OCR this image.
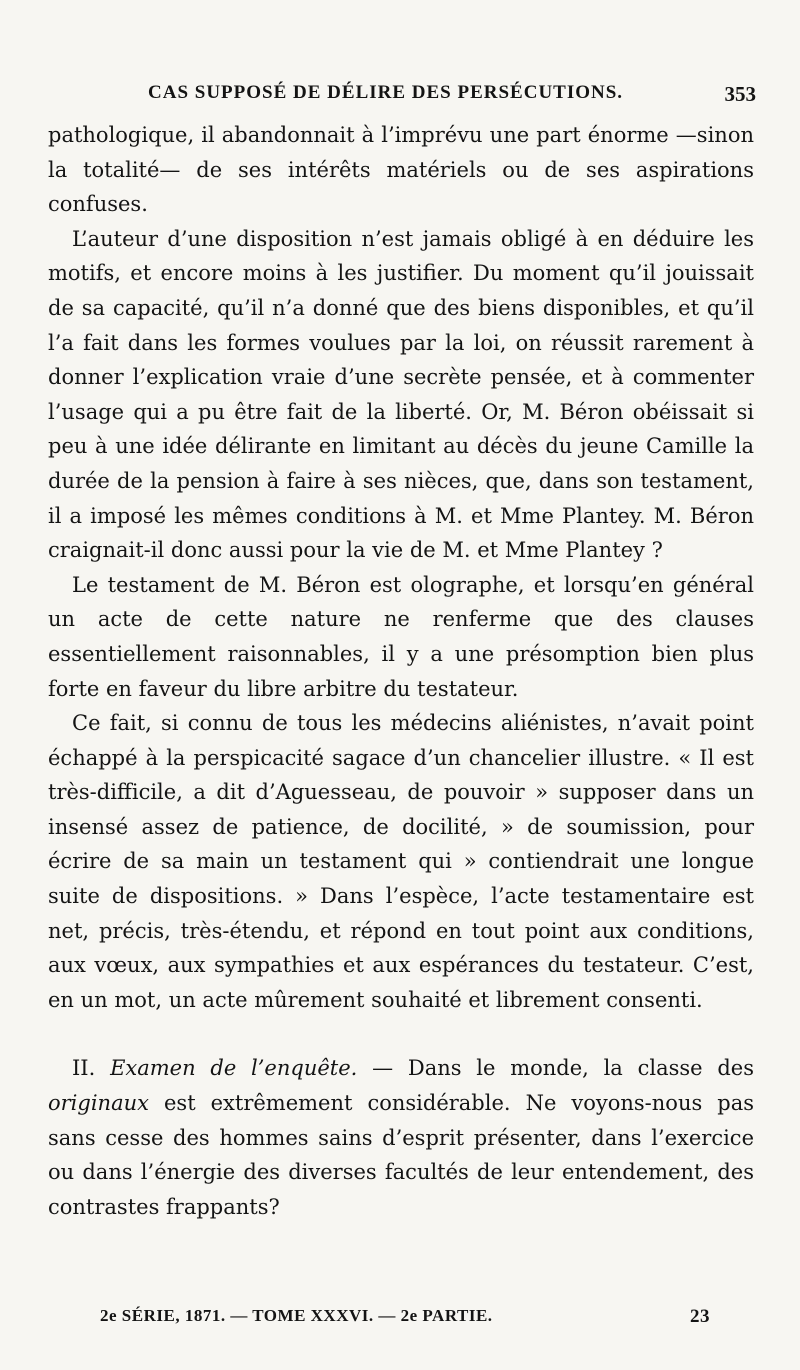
CAS SUPPOSÉ DE DÉLIRE DES PERSÉCUTIONS.	353

pathologique, il abandonnait à l’imprévu une part énorme —sinon la totalité— de ses intérêts matériels ou de ses aspirations confuses.

L’auteur d’une disposition n’est jamais obligé à en déduire les motifs, et encore moins à les justifier. Du moment qu’il jouissait de sa capacité, qu’il n’a donné que des biens disponibles, et qu’il l’a fait dans les formes voulues par la loi, on réussit rarement à donner l’explication vraie d’une secrète pensée, et à commenter l’usage qui a pu être fait de la liberté. Or, M. Béron obéissait si peu à une idée délirante en limitant au décès du jeune Camille la durée de la pension à faire à ses nièces, que, dans son testament, il a imposé les mêmes conditions à M. et Mme Plantey. M. Béron craignait-il donc aussi pour la vie de M. et Mme Plantey ?

Le testament de M. Béron est olographe, et lorsqu’en général un acte de cette nature ne renferme que des clauses essentiellement raisonnables, il y a une présomption bien plus forte en faveur du libre arbitre du testateur.

Ce fait, si connu de tous les médecins aliénistes, n’avait point échappé à la perspicacité sagace d’un chancelier illustre. « Il est très-difficile, a dit d’Aguesseau, de pouvoir » supposer dans un insensé assez de patience, de docilité, » de soumission, pour écrire de sa main un testament qui » contiendrait une longue suite de dispositions. » Dans l’espèce, l’acte testamentaire est net, précis, très-étendu, et répond en tout point aux conditions, aux vœux, aux sympathies et aux espérances du testateur. C’est, en un mot, un acte mûrement souhaité et librement consenti.

II. Examen de l’enquête. — Dans le monde, la classe des originaux est extrêmement considérable. Ne voyons-nous pas sans cesse des hommes sains d’esprit présenter, dans l’exercice ou dans l’énergie des diverses facultés de leur entendement, des contrastes frappants?

2e SÉRIE, 1871. — TOME XXXVI. — 2e PARTIE.	23
